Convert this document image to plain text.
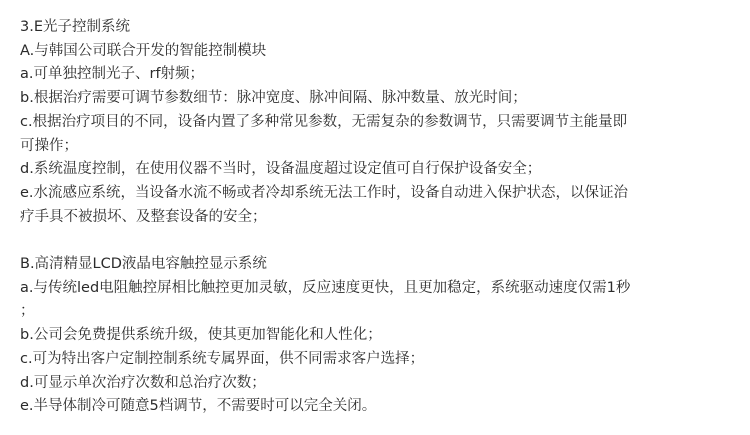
3.E光子控制系统
A.与韩国公司联合开发的智能控制模块
a.可单独控制光子、rf射频；
b.根据治疗需要可调节参数细节：脉冲宽度、脉冲间隔、脉冲数量、放光时间；
c.根据治疗项目的不同，设备内置了多种常见参数，无需复杂的参数调节，只需要调节主能量即
可操作；
d.系统温度控制，在使用仪器不当时，设备温度超过设定值可自行保护设备安全；
e.水流感应系统，当设备水流不畅或者冷却系统无法工作时，设备自动进入保护状态，以保证治
疗手具不被损坏、及整套设备的安全；
B.高清精显LCD液晶电容触控显示系统
a.与传统led电阻触控屏相比触控更加灵敏，反应速度更快，且更加稳定，系统驱动速度仅需1秒
；
b.公司会免费提供系统升级，使其更加智能化和人性化；
c.可为特出客户定制控制系统专属界面，供不同需求客户选择；
d.可显示单次治疗次数和总治疗次数；
e.半导体制冷可随意5档调节，不需要时可以完全关闭。
